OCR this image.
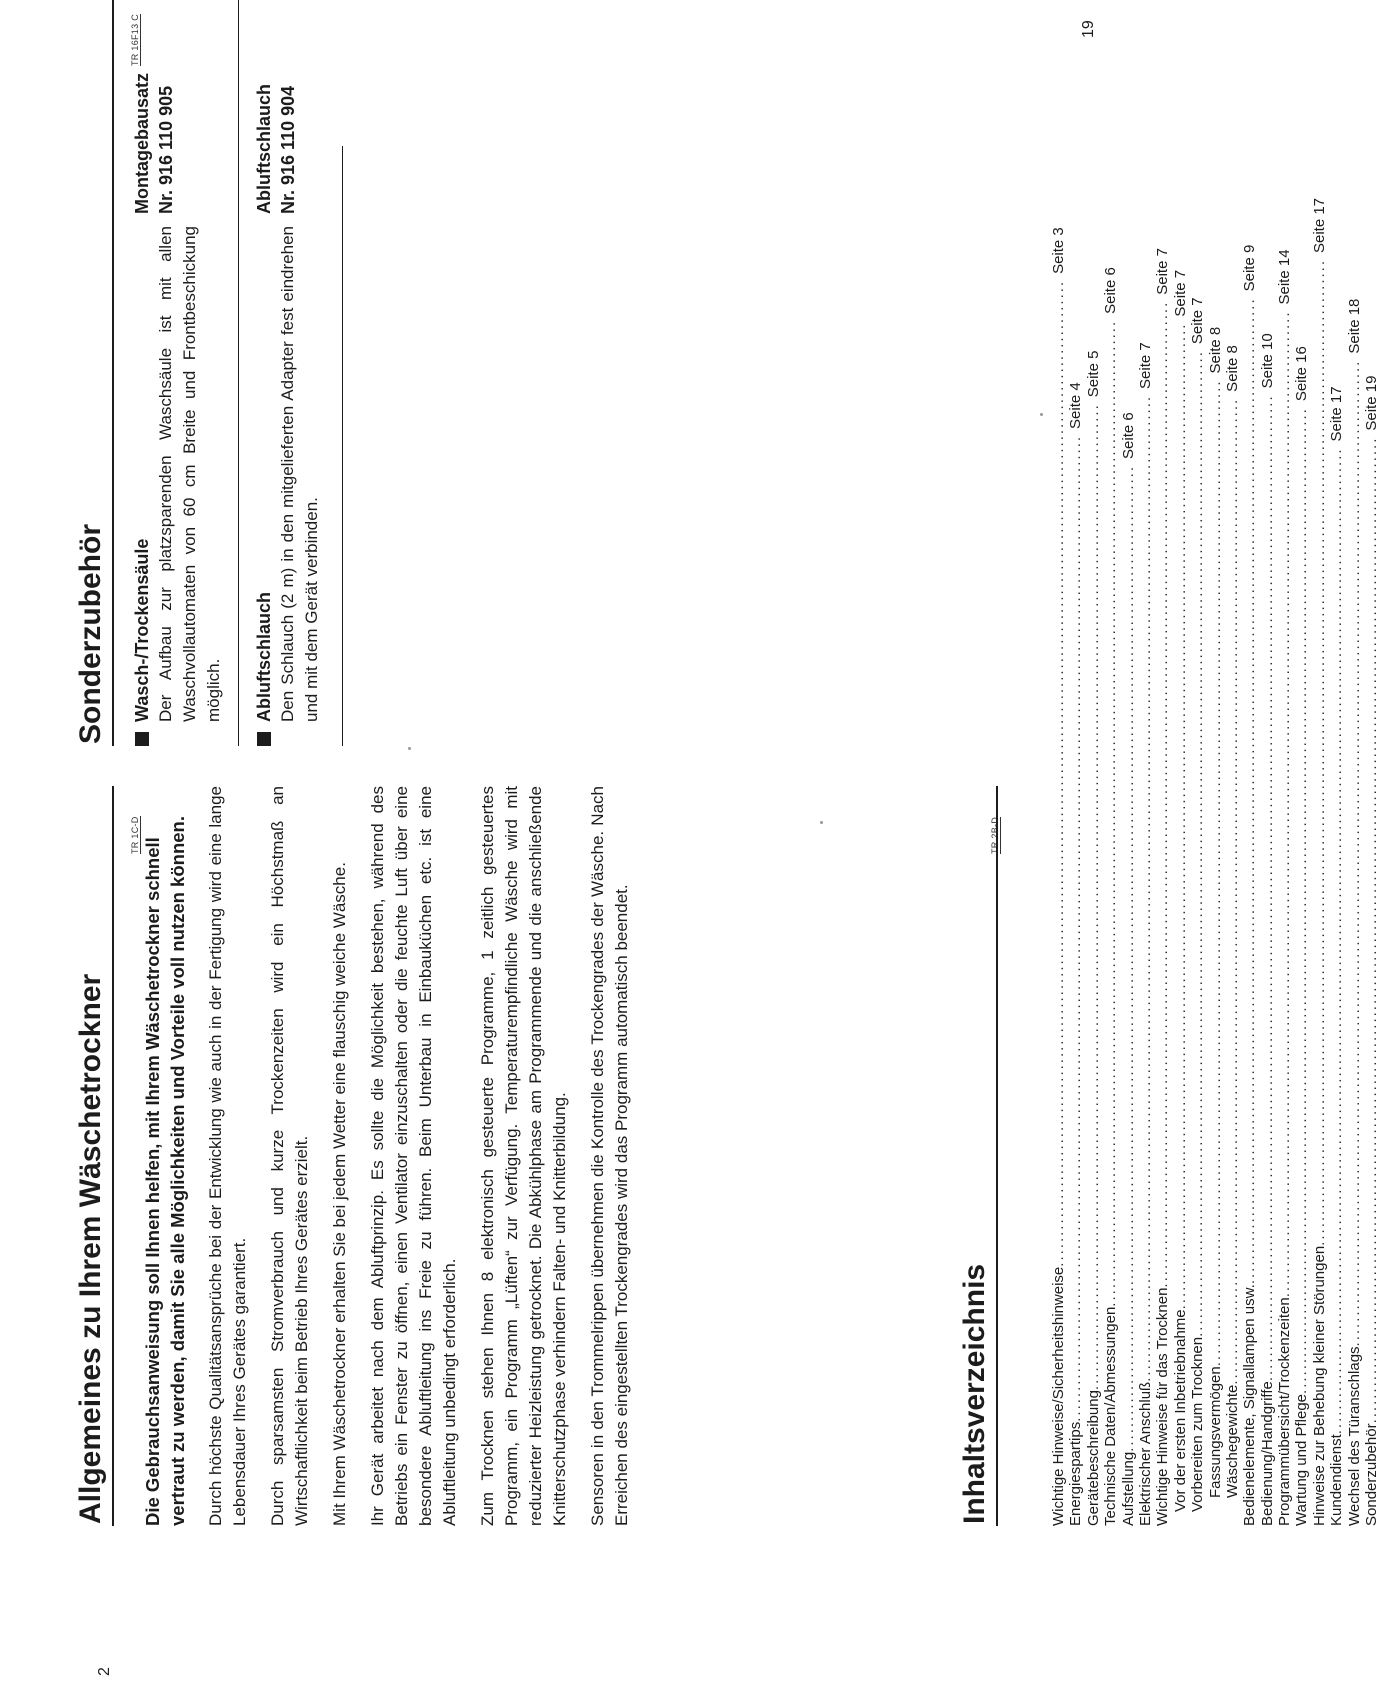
2
19
TR 1C-D
Allgemeines zu Ihrem Wäschetrockner Die Gebrauchsanweisung soll Ihnen helfen, mit Ihrem Wäschetrockner schnell vertraut zu werden, damit Sie alle Möglichkeiten und Vorteile voll nutzen können. Durch höchste Qualitätsansprüche bei der Entwicklung wie auch in der Fertigung wird eine lange Lebensdauer Ihres Gerätes garantiert. Durch sparsamsten Stromverbrauch und kurze Trockenzeiten wird ein Höchstmaß an Wirtschaftlichkeit beim Betrieb Ihres Gerätes erzielt. Mit Ihrem Wäschetrockner erhalten Sie bei jedem Wetter eine flauschig weiche Wäsche. Ihr Gerät arbeitet nach dem Abluftprinzip. Es sollte die Möglichkeit bestehen, während des Betriebs ein Fenster zu öffnen, einen Ventilator einzuschalten oder die feuchte Luft über eine besondere Abluftleitung ins Freie zu führen. Beim Unterbau in Einbauküchen etc. ist eine Abluftleitung unbedingt erforderlich. Zum Trocknen stehen Ihnen 8 elektronisch gesteuerte Programme, 1 zeitlich gesteuertes Programm, ein Programm „Lüften“ zur Verfügung. Temperaturempfindliche Wäsche wird mit reduzierter Heizleistung getrocknet. Die Abkühlphase am Programmende und die anschließende Knitterschutzphase verhindern Falten- und Knitterbildung. Sensoren in den Trommelrippen übernehmen die Kontrolle des Trockengrades der Wäsche. Nach Erreichen des eingestellten Trockengrades wird das Programm automatisch beendet.

TR 2B-D
Inhaltsverzeichnis	Wichtige Hinweise/Sicherheitshinweise
.....
Seite 3
Energiespartips
.....
Seite 4
Gerätebeschreibung
.....
Seite 5
Technische Daten/Abmessungen
.....
Seite 6
Aufstellung
.....
Seite 6
Elektrischer Anschluß
.....
Seite 7
Wichtige Hinweise für das Trocknen
.....
Seite 7
Vor der ersten Inbetriebnahme
.....
Seite 7
Vorbereiten zum Trocknen
.....
Seite 7
Fassungsvermögen
.....
Seite 8
Wäschegewichte
.....
Seite 8
Bedienelemente, Signallampen usw.
.....
Seite 9
Bedienung/Handgriffe
.....
Seite 10
Programmübersicht/Trockenzeiten
.....
Seite 14
Wartung und Pflege
.....
Seite 16
Hinweise zur Behebung kleiner Störungen
.....
Seite 17
Kundendienst
.....
Seite 17
Wechsel des Türanschlags
.....
Seite 18
Sonderzubehör
.....
Seite 19
TR 16F13 C
Sonderzubehör Wasch-/Trockensäule Der Aufbau zur platzsparenden Waschsäule ist mit allen Waschvollautomaten von 60 cm Breite und Frontbeschickung möglich.
Montagebausatz Nr. 916 110 905
Abluftschlauch Den Schlauch (2 m) in den mitgelieferten Adapter fest eindrehen und mit dem Gerät verbinden.
Abluftschlauch Nr. 916 110 904
